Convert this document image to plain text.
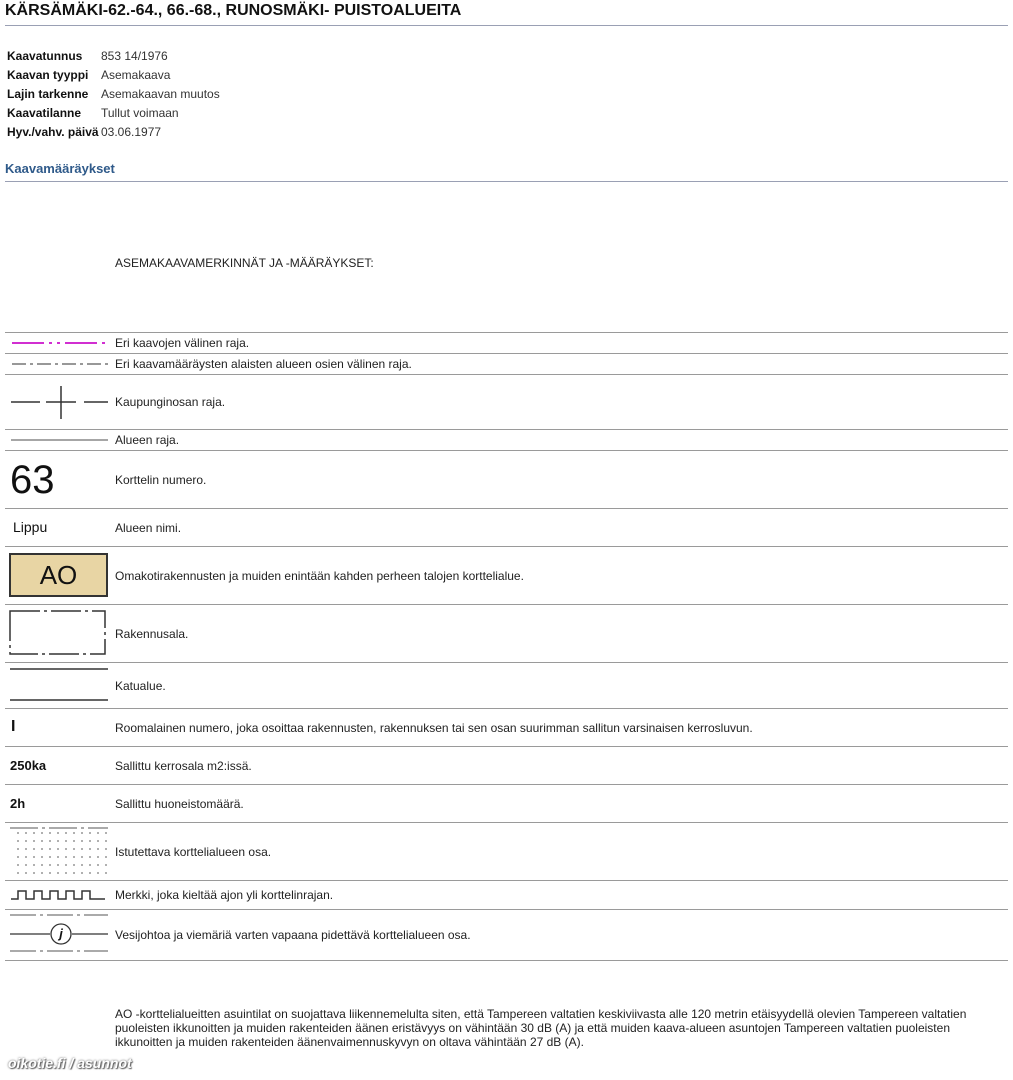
KÄRSÄMÄKI-62.-64., 66.-68., RUNOSMÄKI- PUISTOALUEITA
Kaavatunnus	853 14/1976
Kaavan tyyppi	Asemakaava
Lajin tarkenne	Asemakaavan muutos
Kaavatilanne	Tullut voimaan
Hyv./vahv. päivä 03.06.1977
Kaavamääräykset
ASEMAKAAVAMERKINNÄT JA -MÄÄRÄYKSET:
Eri kaavojen välinen raja.
Eri kaavamääräysten alaisten alueen osien välinen raja.
Kaupunginosan raja.
Alueen raja.
63	Korttelin numero.
Lippu	Alueen nimi.
AO	Omakotirakennusten ja muiden enintään kahden perheen talojen korttelialue.
Rakennusala.
Katualue.
I	Roomalainen numero, joka osoittaa rakennusten, rakennuksen tai sen osan suurimman sallitun varsinaisen kerrosluvun.
250ka	Sallittu kerrosala m2:issä.
2h	Sallittu huoneistomäärä.
Istutettava korttelialueen osa.
Merkki, joka kieltää ajon yli korttelinrajan.
j	Vesijohtoa ja viemäriä varten vapaana pidettävä korttelialueen osa.
AO -korttelialueitten asuintilat on suojattava liikennemelulta siten, että Tampereen valtatien keskiviivasta alle 120 metrin etäisyydellä olevien Tampereen valtatien puoleisten ikkunoitten ja muiden rakenteiden äänen eristävyys on vähintään 30 dB (A) ja että muiden kaava-alueen asuntojen Tampereen valtatien puoleisten ikkunoitten ja muiden rakenteiden äänenvaimennuskyvyn on oltava vähintään 27 dB (A).
oikotie.fi / asunnot
